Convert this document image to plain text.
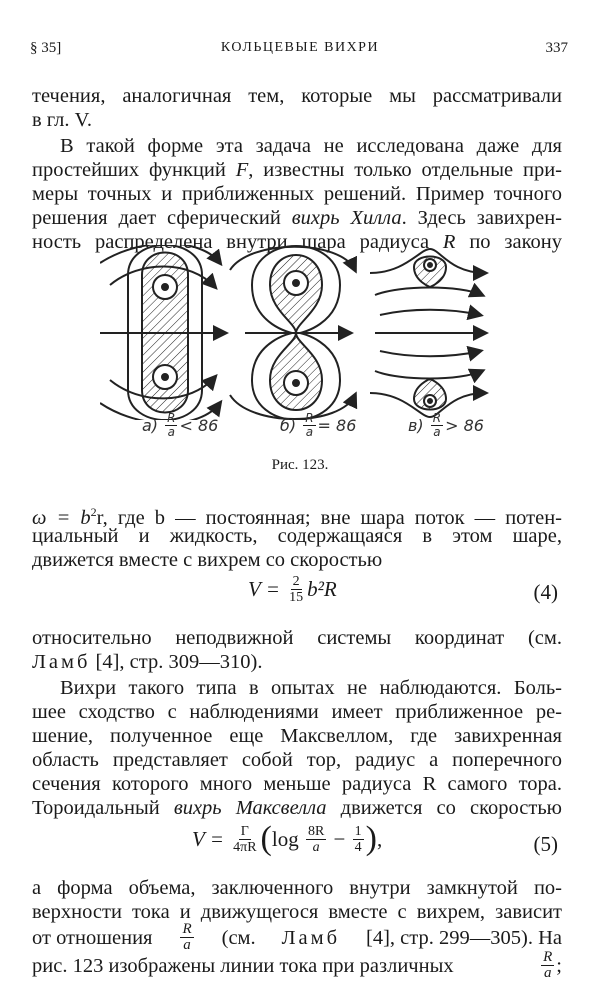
§ 35]	КОЛЬЦЕВЫЕ ВИХРИ	337

течения, аналогичная тем, которые мы рассматривали

в гл. V.

В такой форме эта задача не исследована даже для

простейших функций F, известны только отдельные при-

меры точных и приближенных решений. Пример точного

решения дает сферический вихрь Хилла. Здесь завихрен-

ность распределена внутри шара радиуса R по закону

a)
$\frac{R}{a} < 86$	б)
$\frac{R}{a} = 86$	в)
$\frac{R}{a} > 86$
Рис. 123.

$\omega = b^2r$, где b — постоянная; вне шара поток — потен-

циальный и жидкость, содержащаяся в этом шаре,

движется вместе с вихрем со скоростью

V =
$\frac{2}{15} b^2R$	(4)

относительно неподвижной системы координат (см.

Ламб [4], стр. 309—310).

Вихри такого типа в опытах не наблюдаются. Боль-

шее сходство с наблюдениями имеет приближенное ре-

шение, полученное еще Максвеллом, где завихренная

область представляет собой тор, радиус a поперечного

сечения которого много меньше радиуса R самого тора.

Тороидальный вихрь Максвелла движется со скоростью

V =
$\frac{\Gamma}{4\pi R}$ ( log
$\frac{8R}{a}$
−
$\frac{1}{4}$ ) ,	(5)

а форма объема, заключенного внутри замкнутой по-

верхности тока и движущегося вместе с вихрем, зависит

от отношения $\frac{R}{a} (см$. Ламб [4], стр. 299—305). На
рис. 123 изображены линии тока при различных	$\frac{R}{a}$ ;
